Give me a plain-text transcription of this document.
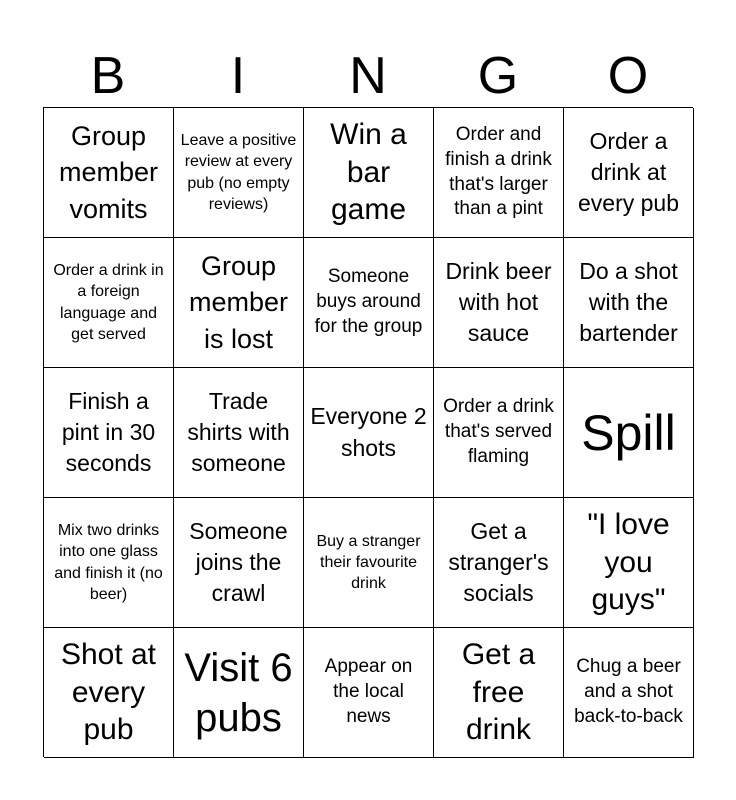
B	I	N	G	O
Group member vomits
Leave a positive review at every pub (no empty reviews)
Win a bar game
Order and finish a drink that's larger than a pint
Order a drink at every pub
Order a drink in a foreign language and get served
Group member is lost
Someone buys around for the group
Drink beer with hot sauce
Do a shot with the bartender
Finish a pint in 30 seconds
Trade shirts with someone
Everyone 2 shots
Order a drink that's served flaming	Spill
Mix two drinks into one glass and finish it (no beer)
Someone joins the crawl
Buy a stranger their favourite drink
Get a stranger's socials
"I love you guys"
Shot at every pub
Visit 6 pubs
Appear on the local news
Get a free drink
Chug a beer and a shot back-to-back
